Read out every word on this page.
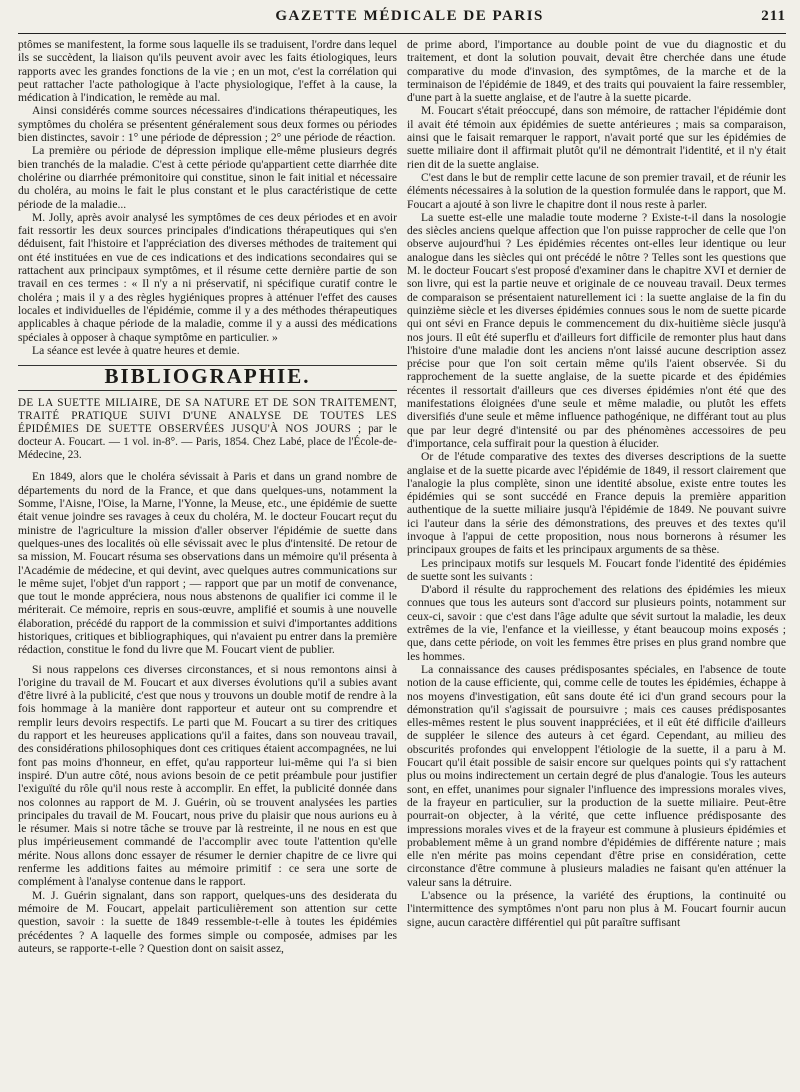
GAZETTE MÉDICALE DE PARIS	211

ptômes se manifestent, la forme sous laquelle ils se traduisent, l'ordre dans lequel ils se succèdent, la liaison qu'ils peuvent avoir avec les faits étiologiques, leurs rapports avec les grandes fonctions de la vie ; en un mot, c'est la corrélation qui peut rattacher l'acte pathologique à l'acte physiologique, l'effet à la cause, la médication à l'indication, le remède au mal.

Ainsi considérés comme sources nécessaires d'indications thérapeutiques, les symptômes du choléra se présentent généralement sous deux formes ou périodes bien distinctes, savoir : 1° une période de dépression ; 2° une période de réaction.

La première ou période de dépression implique elle-même plusieurs degrés bien tranchés de la maladie. C'est à cette période qu'appartient cette diarrhée dite cholérine ou diarrhée prémonitoire qui constitue, sinon le fait initial et nécessaire du choléra, au moins le fait le plus constant et le plus caractéristique de cette période de la maladie...

M. Jolly, après avoir analysé les symptômes de ces deux périodes et en avoir fait ressortir les deux sources principales d'indications thérapeutiques qui s'en déduisent, fait l'histoire et l'appréciation des diverses méthodes de traitement qui ont été instituées en vue de ces indications et des indications secondaires qui se rattachent aux principaux symptômes, et il résume cette dernière partie de son travail en ces termes : « Il n'y a ni préservatif, ni spécifique curatif contre le choléra ; mais il y a des règles hygiéniques propres à atténuer l'effet des causes locales et individuelles de l'épidémie, comme il y a des méthodes thérapeutiques applicables à chaque période de la maladie, comme il y a aussi des médications spéciales à opposer à chaque symptôme en particulier. »

La séance est levée à quatre heures et demie.

BIBLIOGRAPHIE.
DE LA SUETTE MILIAIRE, DE SA NATURE ET DE SON TRAITEMENT, TRAITÉ PRATIQUE SUIVI D'UNE ANALYSE DE TOUTES LES ÉPIDÉMIES DE SUETTE OBSERVÉES JUSQU'À NOS JOURS ; par le docteur A. Foucart. — 1 vol. in-8°. — Paris, 1854. Chez Labé, place de l'École-de-Médecine, 23.

En 1849, alors que le choléra sévissait à Paris et dans un grand nombre de départements du nord de la France, et que dans quelques-uns, notamment la Somme, l'Aisne, l'Oise, la Marne, l'Yonne, la Meuse, etc., une épidémie de suette était venue joindre ses ravages à ceux du choléra, M. le docteur Foucart reçut du ministre de l'agriculture la mission d'aller observer l'épidémie de suette dans quelques-unes des localités où elle sévissait avec le plus d'intensité. De retour de sa mission, M. Foucart résuma ses observations dans un mémoire qu'il présenta à l'Académie de médecine, et qui devint, avec quelques autres communications sur le même sujet, l'objet d'un rapport ; — rapport que par un motif de convenance, que tout le monde appréciera, nous nous abstenons de qualifier ici comme il le mériterait. Ce mémoire, repris en sous-œuvre, amplifié et soumis à une nouvelle élaboration, précédé du rapport de la commission et suivi d'importantes additions historiques, critiques et bibliographiques, qui n'avaient pu entrer dans la première rédaction, constitue le fond du livre que M. Foucart vient de publier.

Si nous rappelons ces diverses circonstances, et si nous remontons ainsi à l'origine du travail de M. Foucart et aux diverses évolutions qu'il a subies avant d'être livré à la publicité, c'est que nous y trouvons un double motif de rendre à la fois hommage à la manière dont rapporteur et auteur ont su comprendre et remplir leurs devoirs respectifs. Le parti que M. Foucart a su tirer des critiques du rapport et les heureuses applications qu'il a faites, dans son nouveau travail, des considérations philosophiques dont ces critiques étaient accompagnées, ne lui font pas moins d'honneur, en effet, qu'au rapporteur lui-même qui l'a si bien inspiré. D'un autre côté, nous avions besoin de ce petit préambule pour justifier l'exiguïté du rôle qu'il nous reste à accomplir. En effet, la publicité donnée dans nos colonnes au rapport de M. J. Guérin, où se trouvent analysées les parties principales du travail de M. Foucart, nous prive du plaisir que nous aurions eu à le résumer. Mais si notre tâche se trouve par là restreinte, il ne nous en est que plus impérieusement commandé de l'accomplir avec toute l'attention qu'elle mérite. Nous allons donc essayer de résumer le dernier chapitre de ce livre qui renferme les additions faites au mémoire primitif : ce sera une sorte de complément à l'analyse contenue dans le rapport.

M. J. Guérin signalant, dans son rapport, quelques-uns des desiderata du mémoire de M. Foucart, appelait particulièrement son attention sur cette question, savoir : la suette de 1849 ressemble-t-elle à toutes les épidémies précédentes ? A laquelle des formes simple ou composée, admises par les auteurs, se rapporte-t-elle ? Question dont on saisit assez,

de prime abord, l'importance au double point de vue du diagnostic et du traitement, et dont la solution pouvait, devait être cherchée dans une étude comparative du mode d'invasion, des symptômes, de la marche et de la terminaison de l'épidémie de 1849, et des traits qui pouvaient la faire ressembler, d'une part à la suette anglaise, et de l'autre à la suette picarde.

M. Foucart s'était préoccupé, dans son mémoire, de rattacher l'épidémie dont il avait été témoin aux épidémies de suette antérieures ; mais sa comparaison, ainsi que le faisait remarquer le rapport, n'avait porté que sur les épidémies de suette miliaire dont il affirmait plutôt qu'il ne démontrait l'identité, et il n'y était rien dit de la suette anglaise.

C'est dans le but de remplir cette lacune de son premier travail, et de réunir les éléments nécessaires à la solution de la question formulée dans le rapport, que M. Foucart a ajouté à son livre le chapitre dont il nous reste à parler.

La suette est-elle une maladie toute moderne ? Existe-t-il dans la nosologie des siècles anciens quelque affection que l'on puisse rapprocher de celle que l'on observe aujourd'hui ? Les épidémies récentes ont-elles leur identique ou leur analogue dans les siècles qui ont précédé le nôtre ? Telles sont les questions que M. le docteur Foucart s'est proposé d'examiner dans le chapitre XVI et dernier de son livre, qui est la partie neuve et originale de ce nouveau travail. Deux termes de comparaison se présentaient naturellement ici : la suette anglaise de la fin du quinzième siècle et les diverses épidémies connues sous le nom de suette picarde qui ont sévi en France depuis le commencement du dix-huitième siècle jusqu'à nos jours. Il eût été superflu et d'ailleurs fort difficile de remonter plus haut dans l'histoire d'une maladie dont les anciens n'ont laissé aucune description assez précise pour que l'on soit certain même qu'ils l'aient observée. Si du rapprochement de la suette anglaise, de la suette picarde et des épidémies récentes il ressortait d'ailleurs que ces diverses épidémies n'ont été que des manifestations éloignées d'une seule et même maladie, ou plutôt les effets diversifiés d'une seule et même influence pathogénique, ne différant tout au plus que par leur degré d'intensité ou par des phénomènes accessoires de peu d'importance, cela suffirait pour la question à élucider.

Or de l'étude comparative des textes des diverses descriptions de la suette anglaise et de la suette picarde avec l'épidémie de 1849, il ressort clairement que l'analogie la plus complète, sinon une identité absolue, existe entre toutes les épidémies qui se sont succédé en France depuis la première apparition authentique de la suette miliaire jusqu'à l'épidémie de 1849. Ne pouvant suivre ici l'auteur dans la série des démonstrations, des preuves et des textes qu'il invoque à l'appui de cette proposition, nous nous bornerons à résumer les principaux groupes de faits et les principaux arguments de sa thèse.

Les principaux motifs sur lesquels M. Foucart fonde l'identité des épidémies de suette sont les suivants :

D'abord il résulte du rapprochement des relations des épidémies les mieux connues que tous les auteurs sont d'accord sur plusieurs points, notamment sur ceux-ci, savoir : que c'est dans l'âge adulte que sévit surtout la maladie, les deux extrêmes de la vie, l'enfance et la vieillesse, y étant beaucoup moins exposés ; que, dans cette période, on voit les femmes être prises en plus grand nombre que les hommes.

La connaissance des causes prédisposantes spéciales, en l'absence de toute notion de la cause efficiente, qui, comme celle de toutes les épidémies, échappe à nos moyens d'investigation, eût sans doute été ici d'un grand secours pour la démonstration qu'il s'agissait de poursuivre ; mais ces causes prédisposantes elles-mêmes restent le plus souvent inappréciées, et il eût été difficile d'ailleurs de suppléer le silence des auteurs à cet égard. Cependant, au milieu des obscurités profondes qui enveloppent l'étiologie de la suette, il a paru à M. Foucart qu'il était possible de saisir encore sur quelques points qui s'y rattachent plus ou moins indirectement un certain degré de plus d'analogie. Tous les auteurs sont, en effet, unanimes pour signaler l'influence des impressions morales vives, de la frayeur en particulier, sur la production de la suette miliaire. Peut-être pourrait-on objecter, à la vérité, que cette influence prédisposante des impressions morales vives et de la frayeur est commune à plusieurs épidémies et probablement même à un grand nombre d'épidémies de différente nature ; mais elle n'en mérite pas moins cependant d'être prise en considération, cette circonstance d'être commune à plusieurs maladies ne faisant qu'en atténuer la valeur sans la détruire.

L'absence ou la présence, la variété des éruptions, la continuité ou l'intermittence des symptômes n'ont paru non plus à M. Foucart fournir aucun signe, aucun caractère différentiel qui pût paraître suffisant
